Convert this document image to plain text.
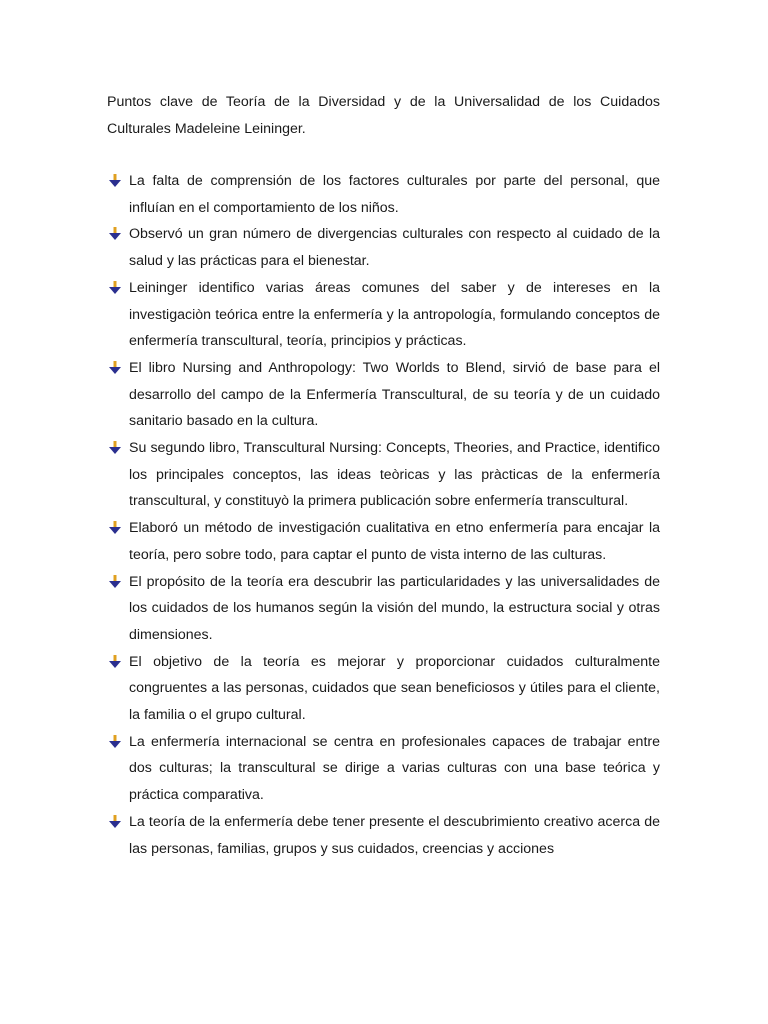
Puntos clave de Teoría de la Diversidad y de la Universalidad de los Cuidados Culturales Madeleine Leininger.

La falta de comprensión de los factores culturales por parte del personal, que influían en el comportamiento de los niños.
Observó un gran número de divergencias culturales con respecto al cuidado de la salud y las prácticas para el bienestar.
Leininger identifico varias áreas comunes del saber y de intereses en la investigaciòn teórica entre la enfermería y la antropología, formulando conceptos de enfermería transcultural, teoría, principios y prácticas.
El libro Nursing and Anthropology: Two Worlds to Blend, sirvió de base para el desarrollo del campo de la Enfermería Transcultural, de su teoría y de un cuidado sanitario basado en la cultura.
Su segundo libro, Transcultural Nursing: Concepts, Theories, and Practice, identifico los principales conceptos, las ideas teòricas y las pràcticas de la enfermería transcultural, y constituyò la primera publicación sobre enfermería transcultural.
Elaboró un método de investigación cualitativa en etno enfermería para encajar la teoría, pero sobre todo, para captar el punto de vista interno de las culturas.
El propósito de la teoría era descubrir las particularidades y las universalidades de los cuidados de los humanos según la visión del mundo, la estructura social y otras dimensiones.
El objetivo de la teoría es mejorar y proporcionar cuidados culturalmente congruentes a las personas, cuidados que sean beneficiosos y útiles para el cliente, la familia o el grupo cultural.
La enfermería internacional se centra en profesionales capaces de trabajar entre dos culturas; la transcultural se dirige a varias culturas con una base teórica y práctica comparativa.
La teoría de la enfermería debe tener presente el descubrimiento creativo acerca de las personas, familias, grupos y sus cuidados, creencias y acciones
